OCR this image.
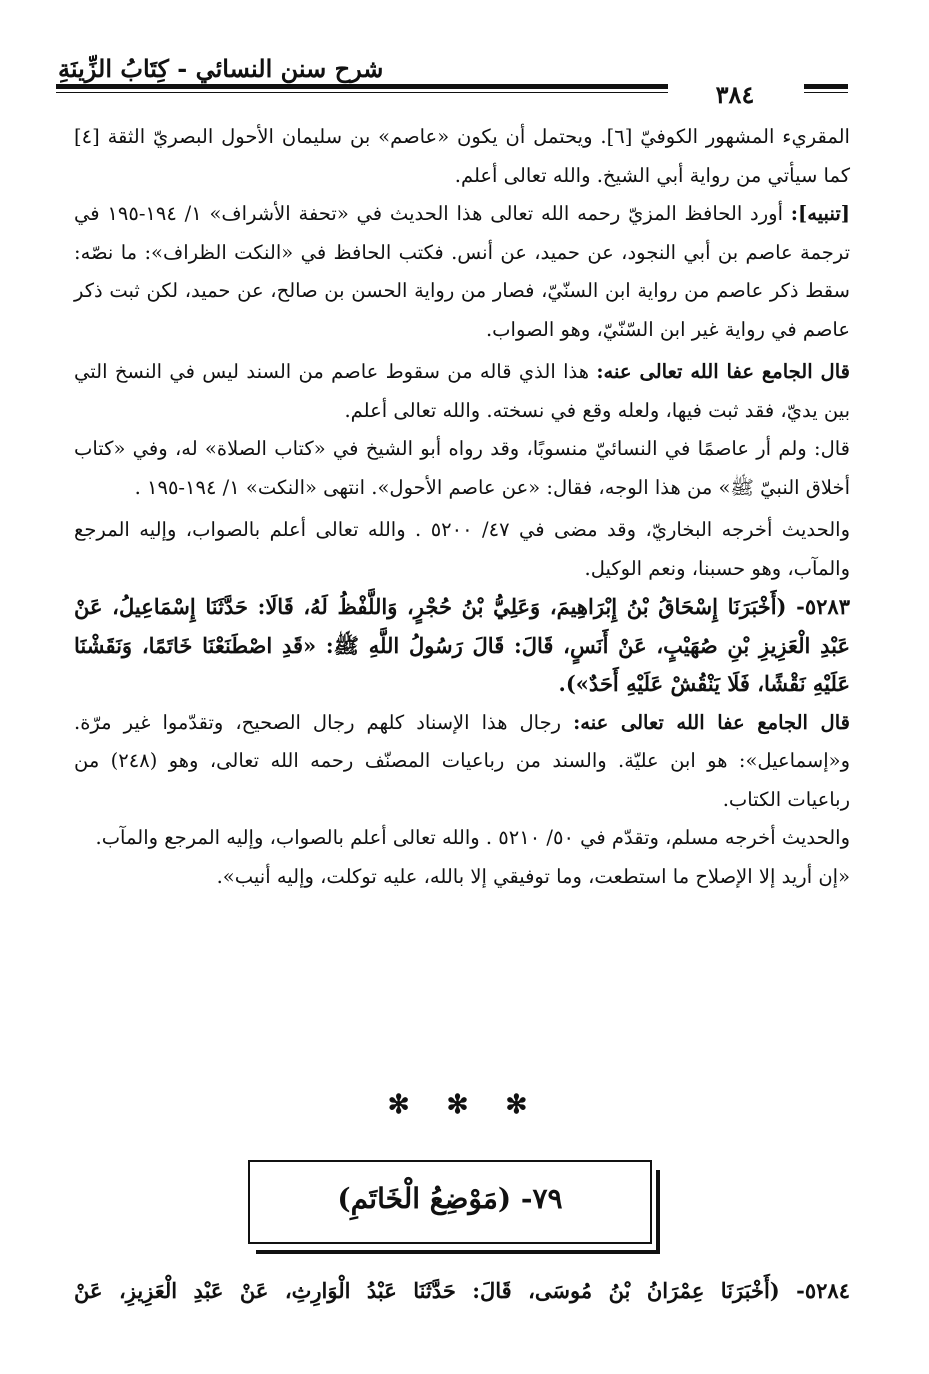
شرح سنن النسائي - كِتَابُ الزِّينَةِ
٣٨٤

المقريء المشهور الكوفيّ [٦]. ويحتمل أن يكون «عاصم» بن سليمان الأحول البصريّ الثقة [٤] كما سيأتي من رواية أبي الشيخ. والله تعالى أعلم.

[تنبيه]: أورد الحافظ المزيّ رحمه الله تعالى هذا الحديث في «تحفة الأشراف» ١/ ١٩٤-١٩٥ في ترجمة عاصم بن أبي النجود، عن حميد، عن أنس. فكتب الحافظ في «النكت الظراف»: ما نصّه: سقط ذكر عاصم من رواية ابن السنّيّ، فصار من رواية الحسن بن صالح، عن حميد، لكن ثبت ذكر عاصم في رواية غير ابن السّنّيّ، وهو الصواب.

قال الجامع عفا الله تعالى عنه: هذا الذي قاله من سقوط عاصم من السند ليس في النسخ التي بين يديّ، فقد ثبت فيها، ولعله وقع في نسخته. والله تعالى أعلم.

قال: ولم أر عاصمًا في النسائيّ منسوبًا، وقد رواه أبو الشيخ في «كتاب الصلاة» له، وفي «كتاب أخلاق النبيّ ﷺ» من هذا الوجه، فقال: «عن عاصم الأحول». انتهى «النكت» ١/ ١٩٤-١٩٥ .

والحديث أخرجه البخاريّ، وقد مضى في ٤٧/ ٥٢٠٠ . والله تعالى أعلم بالصواب، وإليه المرجع والمآب، وهو حسبنا، ونعم الوكيل.

٥٢٨٣- (أَخْبَرَنَا إِسْحَاقُ بْنُ إِبْرَاهِيمَ، وَعَلِيُّ بْنُ حُجْرٍ، وَاللَّفْظُ لَهُ، قَالَا: حَدَّثَنَا إِسْمَاعِيلُ، عَنْ عَبْدِ الْعَزِيزِ بْنِ صُهَيْبٍ، عَنْ أَنَسٍ، قَالَ: قَالَ رَسُولُ اللَّهِ ﷺ: «قَدِ اصْطَنَعْنَا خَاتَمًا، وَنَقَشْنَا عَلَيْهِ نَقْشًا، فَلَا يَنْقُشْ عَلَيْهِ أَحَدٌ»).

قال الجامع عفا الله تعالى عنه: رجال هذا الإسناد كلهم رجال الصحيح، وتقدّموا غير مرّة. و«إسماعيل»: هو ابن عليّة. والسند من رباعيات المصنّف رحمه الله تعالى، وهو (٢٤٨) من رباعيات الكتاب.

والحديث أخرجه مسلم، وتقدّم في ٥٠/ ٥٢١٠ . والله تعالى أعلم بالصواب، وإليه المرجع والمآب.

«إن أريد إلا الإصلاح ما استطعت، وما توفيقي إلا بالله، عليه توكلت، وإليه أنيب».

✻ ✻ ✻
٧٩- (مَوْضِعُ الْخَاتَمِ)
٥٢٨٤- (أَخْبَرَنَا عِمْرَانُ بْنُ مُوسَى، قَالَ: حَدَّثَنَا عَبْدُ الْوَارِثِ، عَنْ عَبْدِ الْعَزِيزِ، عَنْ
